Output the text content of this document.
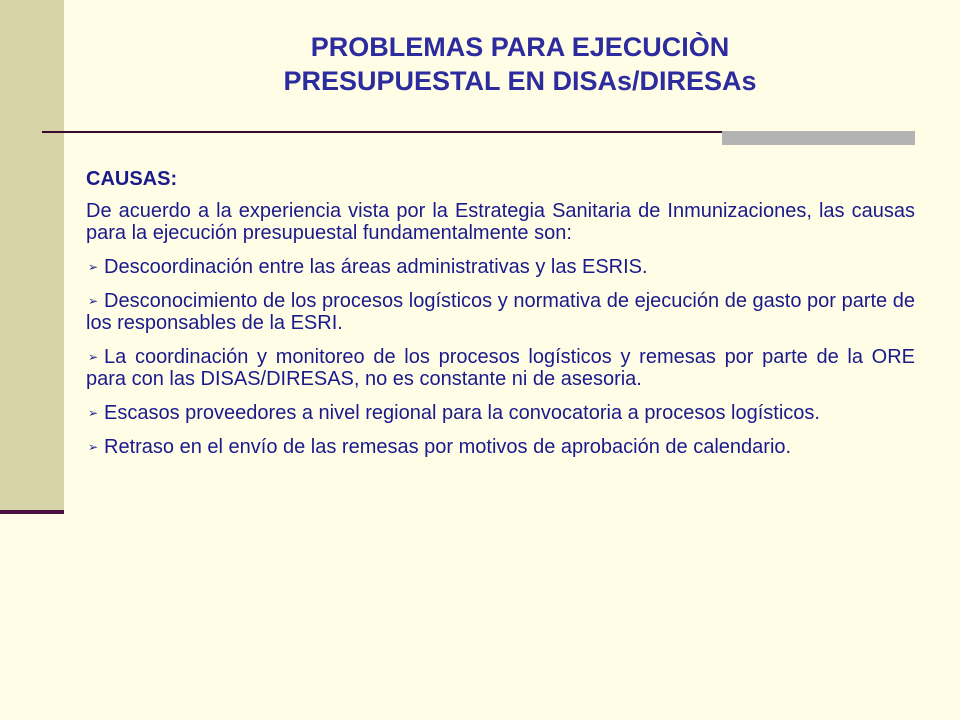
PROBLEMAS PARA EJECUCIÒN
PRESUPUESTAL EN DISAs/DIRESAs

CAUSAS:

De acuerdo a la experiencia vista por la Estrategia Sanitaria de Inmunizaciones, las causas para la ejecución presupuestal fundamentalmente son:

➢ Descoordinación entre las áreas administrativas y las ESRIS.

➢ Desconocimiento de los procesos logísticos y normativa de ejecución de gasto por parte de los responsables de la ESRI.

➢ La coordinación y monitoreo de los procesos logísticos y remesas por parte de la ORE para con las DISAS/DIRESAS, no es constante ni de asesoria.

➢ Escasos proveedores a nivel regional para la convocatoria a procesos logísticos.

➢ Retraso en el envío de las remesas por motivos de aprobación de calendario.
